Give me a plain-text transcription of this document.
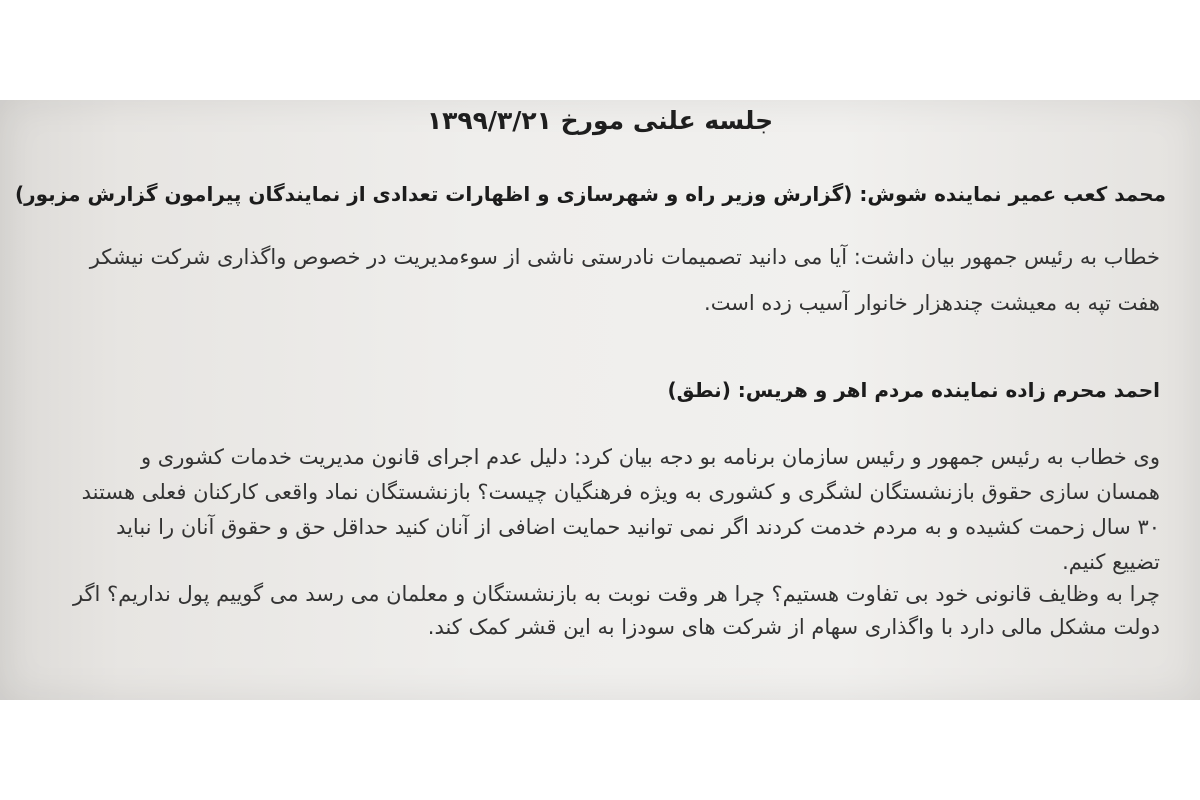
جلسه علنی مورخ ۱۳۹۹/۳/۲۱
محمد کعب عمیر نماینده شوش: (گزارش وزیر راه و شهرسازی و اظهارات تعدادی از نمایندگان پیرامون گزارش مزبور)
خطاب به رئیس جمهور بیان داشت: آیا می دانید تصمیمات نادرستی ناشی از سوءمدیریت در خصوص واگذاری شرکت نیشکر
هفت تپه به معیشت چندهزار خانوار آسیب زده است.
احمد محرم زاده نماینده مردم اهر و هریس: (نطق)
وی خطاب به رئیس جمهور و رئیس سازمان برنامه بو دجه بیان کرد: دلیل عدم اجرای قانون مدیریت خدمات کشوری و
همسان سازی حقوق بازنشستگان لشگری و کشوری به ویژه فرهنگیان چیست؟ بازنشستگان نماد واقعی کارکنان فعلی هستند
۳۰ سال زحمت کشیده و به مردم خدمت کردند اگر نمی توانید حمایت اضافی از آنان کنید حداقل حق و حقوق آنان را نباید
تضییع کنیم.
چرا به وظایف قانونی خود بی تفاوت هستیم؟ چرا هر وقت نوبت به بازنشستگان و معلمان می رسد می گوییم پول نداریم؟ اگر
دولت مشکل مالی دارد با واگذاری سهام از شرکت های سودزا به این قشر کمک کند.
